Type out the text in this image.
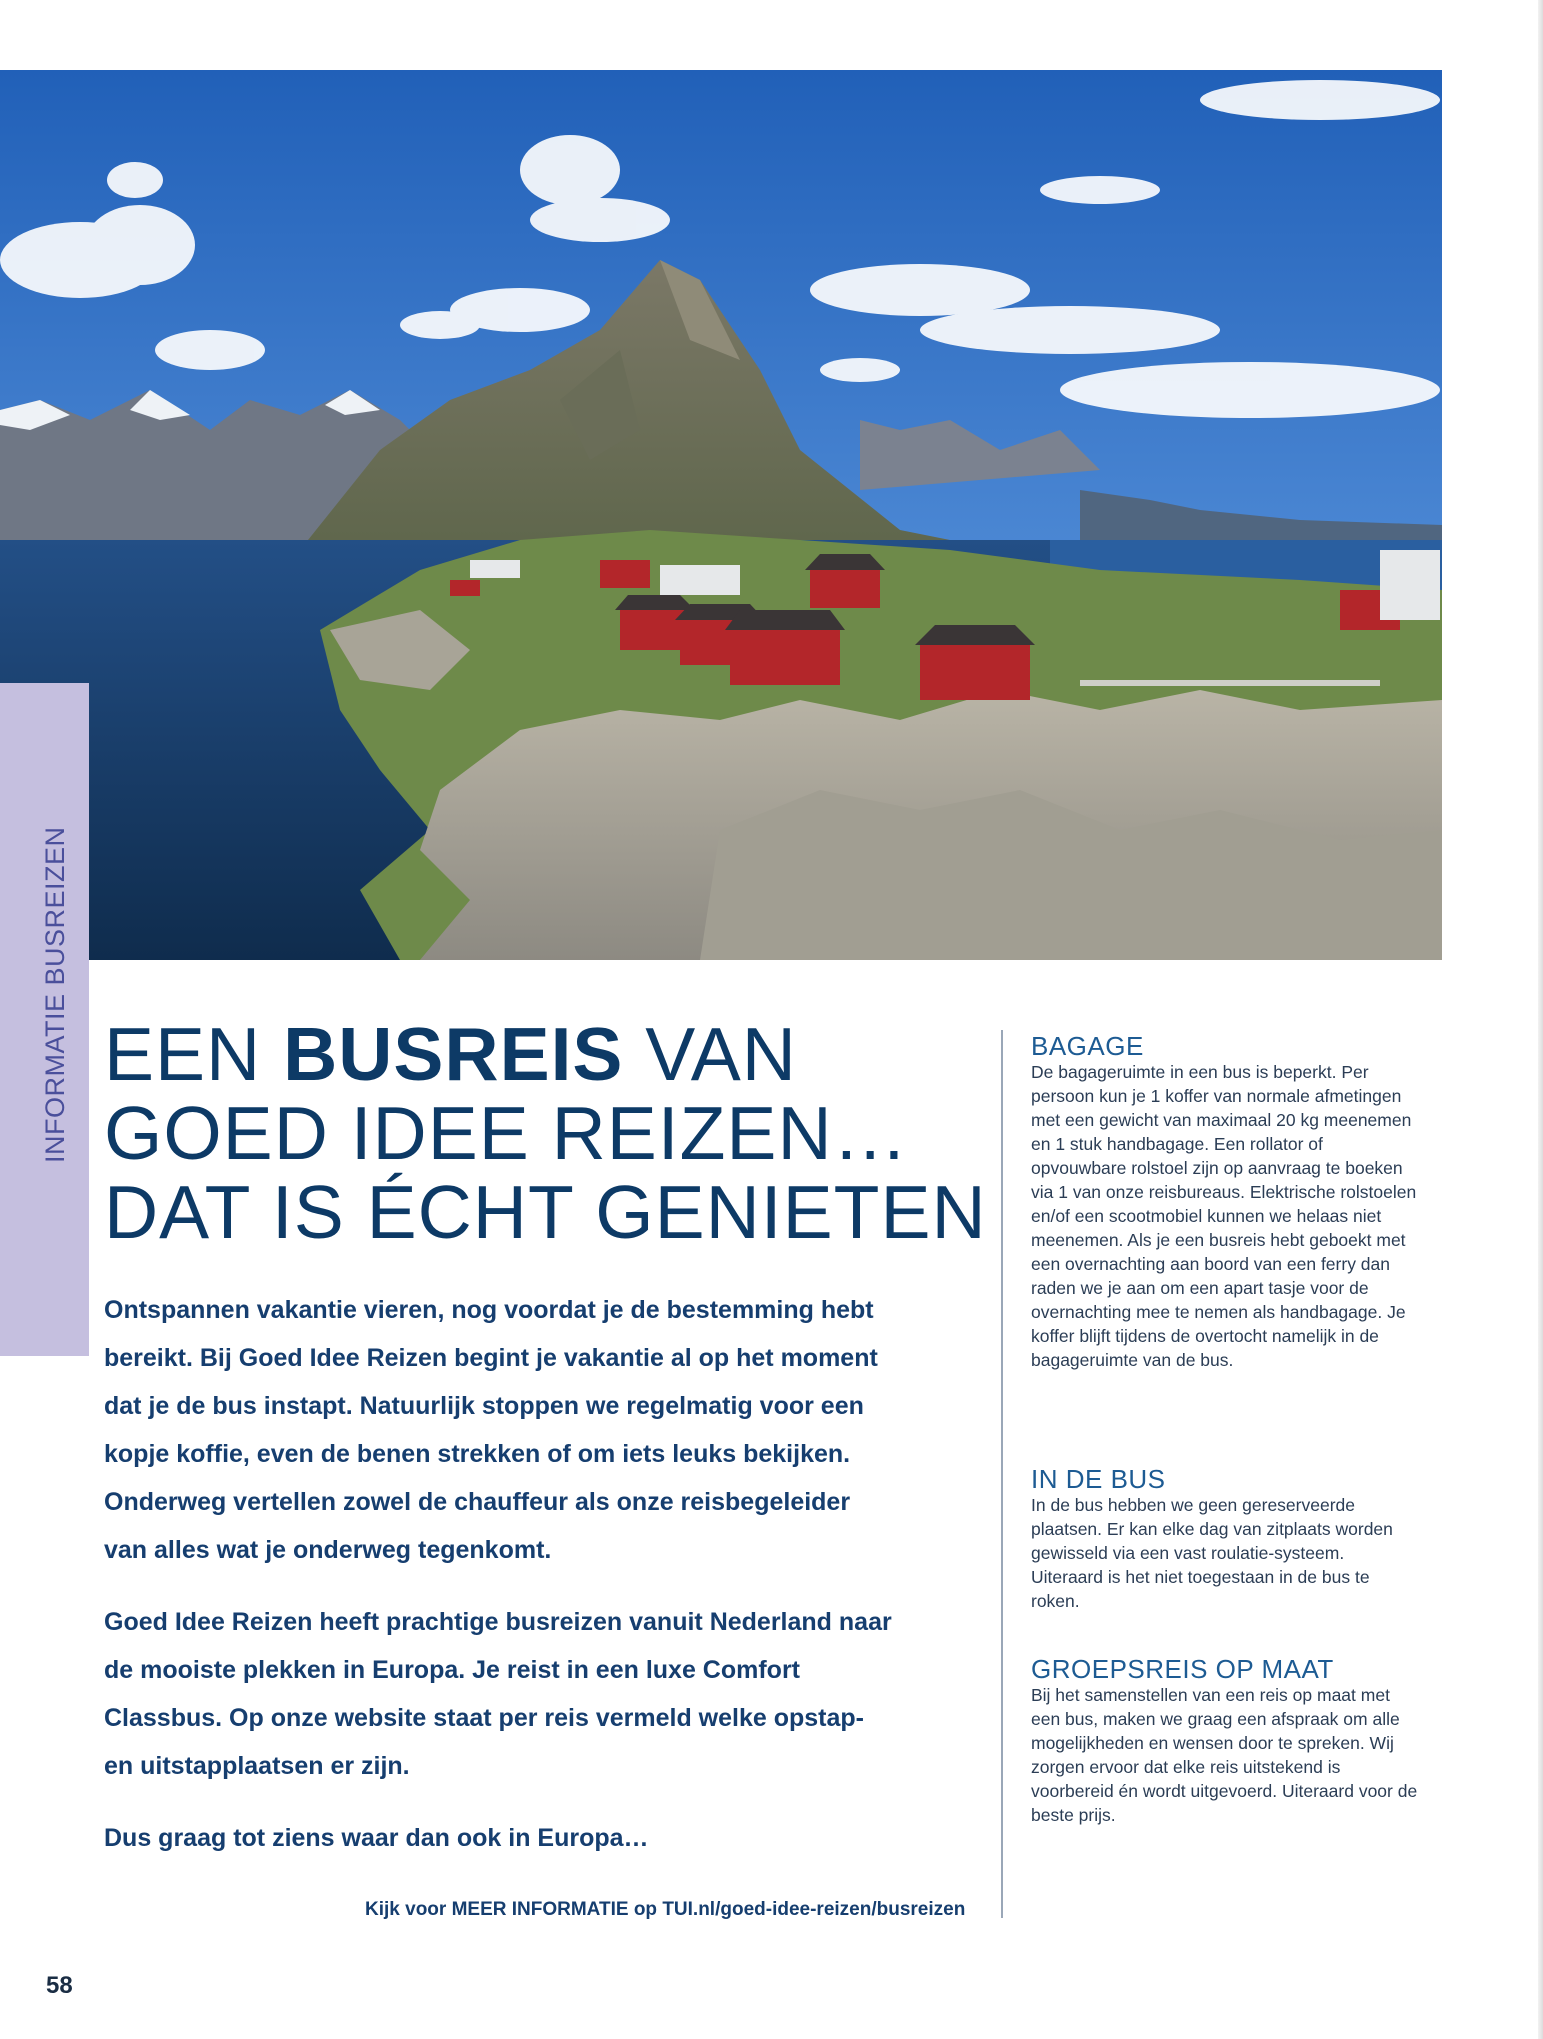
INFORMATIE BUSREIZEN EEN BUSREIS VAN
GOED IDEE REIZEN…
DAT IS ÉCHT GENIETEN

Ontspannen vakantie vieren, nog voordat je de bestemming hebt bereikt. Bij Goed Idee Reizen begint je vakantie al op het moment dat je de bus instapt. Natuurlijk stoppen we regelmatig voor een kopje koffie, even de benen strekken of om iets leuks bekijken. Onderweg vertellen zowel de chauffeur als onze reisbegeleider van alles wat je onderweg tegenkomt.

Goed Idee Reizen heeft prachtige busreizen vanuit Nederland naar de mooiste plekken in Europa. Je reist in een luxe Comfort Classbus. Op onze website staat per reis vermeld welke opstap- en uitstapplaatsen er zijn.

Dus graag tot ziens waar dan ook in Europa…

Kijk voor MEER INFORMATIE op TUI.nl/goed-idee-reizen/busreizen
BAGAGE

De bagageruimte in een bus is beperkt. Per persoon kun je 1 koffer van normale afmetingen met een gewicht van maximaal 20 kg meenemen en 1 stuk handbagage. Een rollator of opvouwbare rolstoel zijn op aanvraag te boeken via 1 van onze reisbureaus. Elektrische rolstoelen en/of een scootmobiel kunnen we helaas niet meenemen. Als je een busreis hebt geboekt met een overnachting aan boord van een ferry dan raden we je aan om een apart tasje voor de overnachting mee te nemen als handbagage. Je koffer blijft tijdens de overtocht namelijk in de bagageruimte van de bus.

IN DE BUS

In de bus hebben we geen gereserveerde plaatsen. Er kan elke dag van zitplaats worden gewisseld via een vast roulatie-systeem. Uiteraard is het niet toegestaan in de bus te roken.

GROEPSREIS OP MAAT

Bij het samenstellen van een reis op maat met een bus, maken we graag een afspraak om alle mogelijkheden en wensen door te spreken. Wij zorgen ervoor dat elke reis uitstekend is voorbereid én wordt uitgevoerd. Uiteraard voor de beste prijs.

58
